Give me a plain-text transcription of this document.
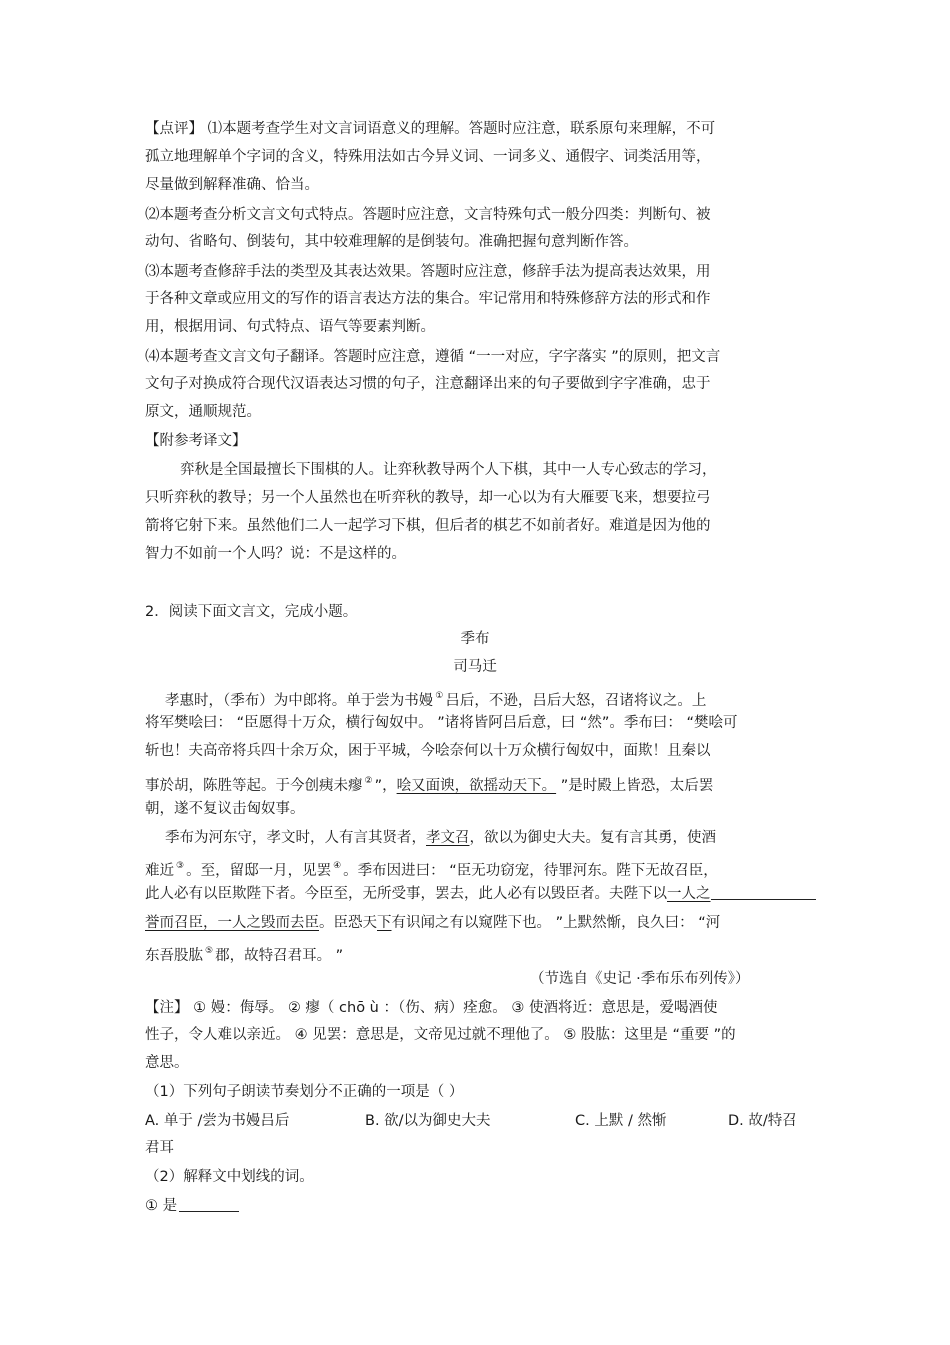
【点评】 ⑴本题考查学生对文言词语意义的理解。答题时应注意，联系原句来理解，不可
孤立地理解单个字词的含义，特殊用法如古今异义词、一词多义、通假字、词类活用等，
尽量做到解释准确、恰当。
⑵本题考查分析文言文句式特点。答题时应注意，文言特殊句式一般分四类：判断句、被
动句、省略句、倒装句，其中较难理解的是倒装句。准确把握句意判断作答。
⑶本题考查修辞手法的类型及其表达效果。答题时应注意，修辞手法为提高表达效果，用
于各种文章或应用文的写作的语言表达方法的集合。牢记常用和特殊修辞方法的形式和作
用，根据用词、句式特点、语气等要素判断。
⑷本题考查文言文句子翻译。答题时应注意，遵循 “一一对应，字字落实 ”的原则，把文言
文句子对换成符合现代汉语表达习惯的句子，注意翻译出来的句子要做到字字准确，忠于
原文，通顺规范。
【附参考译文】
弈秋是全国最擅长下围棋的人。让弈秋教导两个人下棋，其中一人专心致志的学习，
只听弈秋的教导；另一个人虽然也在听弈秋的教导，却一心以为有大雁要飞来，想要拉弓
箭将它射下来。虽然他们二人一起学习下棋，但后者的棋艺不如前者好。难道是因为他的
智力不如前一个人吗？说：不是这样的。
2．阅读下面文言文，完成小题。
季布
司马迁
孝惠时，（季布）为中郎将。单于尝为书嫚 ① 吕后，不逊，吕后大怒，召诸将议之。上
将军樊哙曰： “臣愿得十万众，横行匈奴中。 ”诸将皆阿吕后意，曰 “然”。季布曰： “樊哙可
斩也！夫高帝将兵四十余万众，困于平城，今哙奈何以十万众横行匈奴中，面欺！且秦以
事於胡，陈胜等起。于今创痍未瘳 ② ”，哙又面谀，欲摇动天下。 ”是时殿上皆恐，太后罢
朝，遂不复议击匈奴事。
季布为河东守，孝文时，人有言其贤者，孝文召，欲以为御史大夫。复有言其勇，使酒
难近 ③ 。至，留邸一月，见罢 ④ 。季布因进曰： “臣无功窃宠，待罪河东。陛下无故召臣，
此人必有以臣欺陛下者。今臣至，无所受事，罢去，此人必有以毁臣者。夫陛下以一人之
誉而召臣，一人之毁而去臣。臣恐天下有识闻之有以窥陛下也。 ”上默然惭，良久曰： “河
东吾股肱 ⑤ 郡，故特召君耳。 ”
（节选自《史记 ·季布乐布列传》）
【注】 ① 嫚：侮辱。 ② 瘳（ chō ù ：（伤、病）痊愈。 ③ 使酒将近：意思是，爱喝酒使
性子，令人难以亲近。 ④ 见罢：意思是，文帝见过就不理他了。 ⑤ 股肱：这里是 “重要 ”的
意思。
（1）下列句子朗读节奏划分不正确的一项是（ ）
A. 单于 /尝为书嫚吕后	B. 欲/以为御史大夫	C. 上默 / 然惭	D. 故/特召
君耳
（2）解释文中划线的词。
① 是
